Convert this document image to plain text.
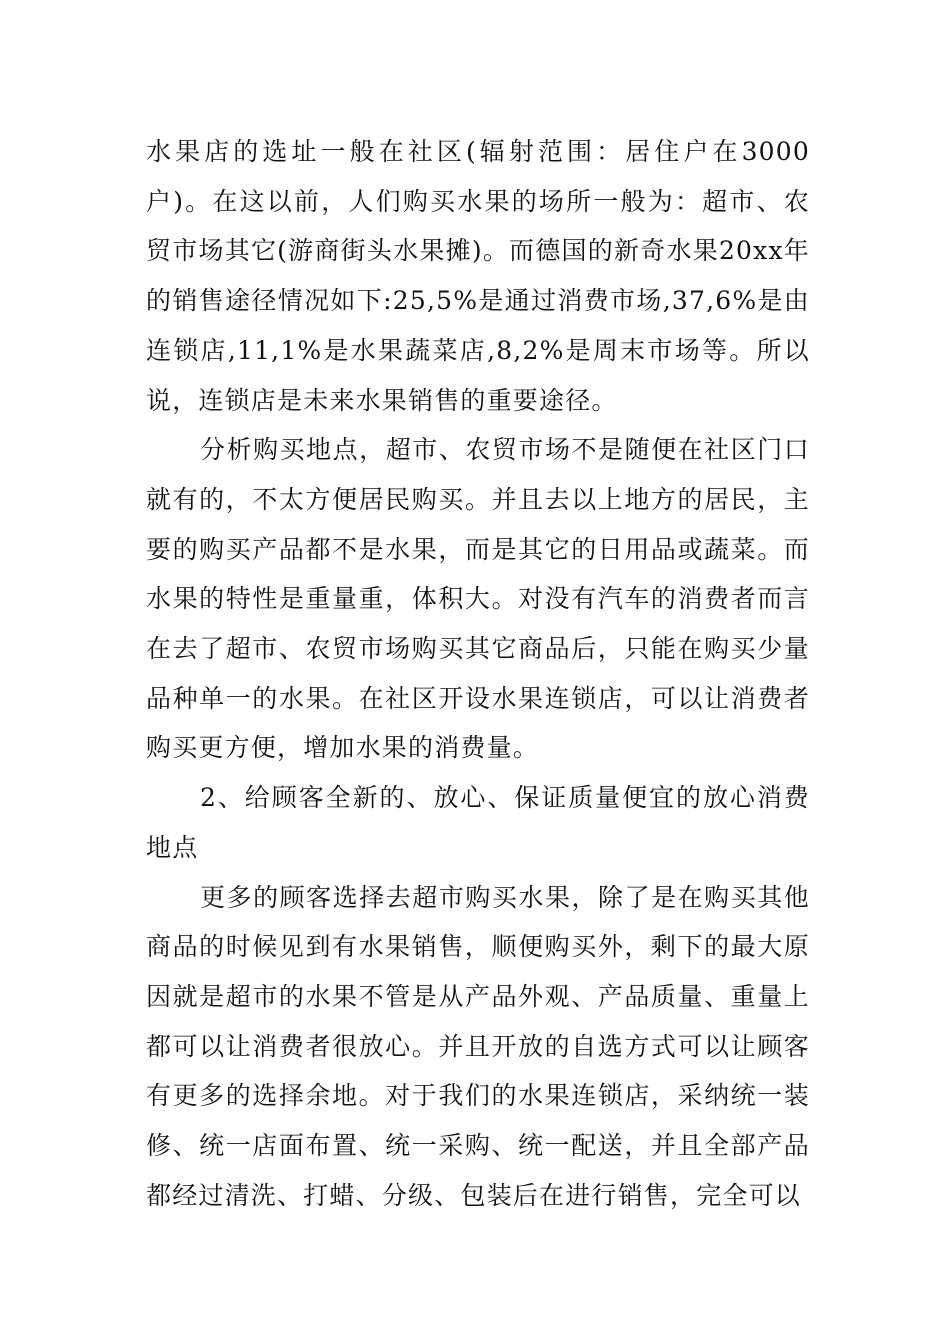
水果店的选址一般在社区(辐射范围：居住户在3000户)。在这以前，人们购买水果的场所一般为：超市、农贸市场其它(游商街头水果摊)。而德国的新奇水果20xx年的销售途径情况如下:25,5%是通过消费市场,37,6%是由连锁店,11,1%是水果蔬菜店,8,2%是周末市场等。所以说，连锁店是未来水果销售的重要途径。

分析购买地点，超市、农贸市场不是随便在社区门口就有的，不太方便居民购买。并且去以上地方的居民，主要的购买产品都不是水果，而是其它的日用品或蔬菜。而水果的特性是重量重，体积大。对没有汽车的消费者而言在去了超市、农贸市场购买其它商品后，只能在购买少量品种单一的水果。在社区开设水果连锁店，可以让消费者购买更方便，增加水果的消费量。

2、给顾客全新的、放心、保证质量便宜的放心消费地点

更多的顾客选择去超市购买水果，除了是在购买其他商品的时候见到有水果销售，顺便购买外，剩下的最大原因就是超市的水果不管是从产品外观、产品质量、重量上都可以让消费者很放心。并且开放的自选方式可以让顾客有更多的选择余地。对于我们的水果连锁店，采纳统一装修、统一店面布置、统一采购、统一配送，并且全部产品都经过清洗、打蜡、分级、包装后在进行销售，完全可以
